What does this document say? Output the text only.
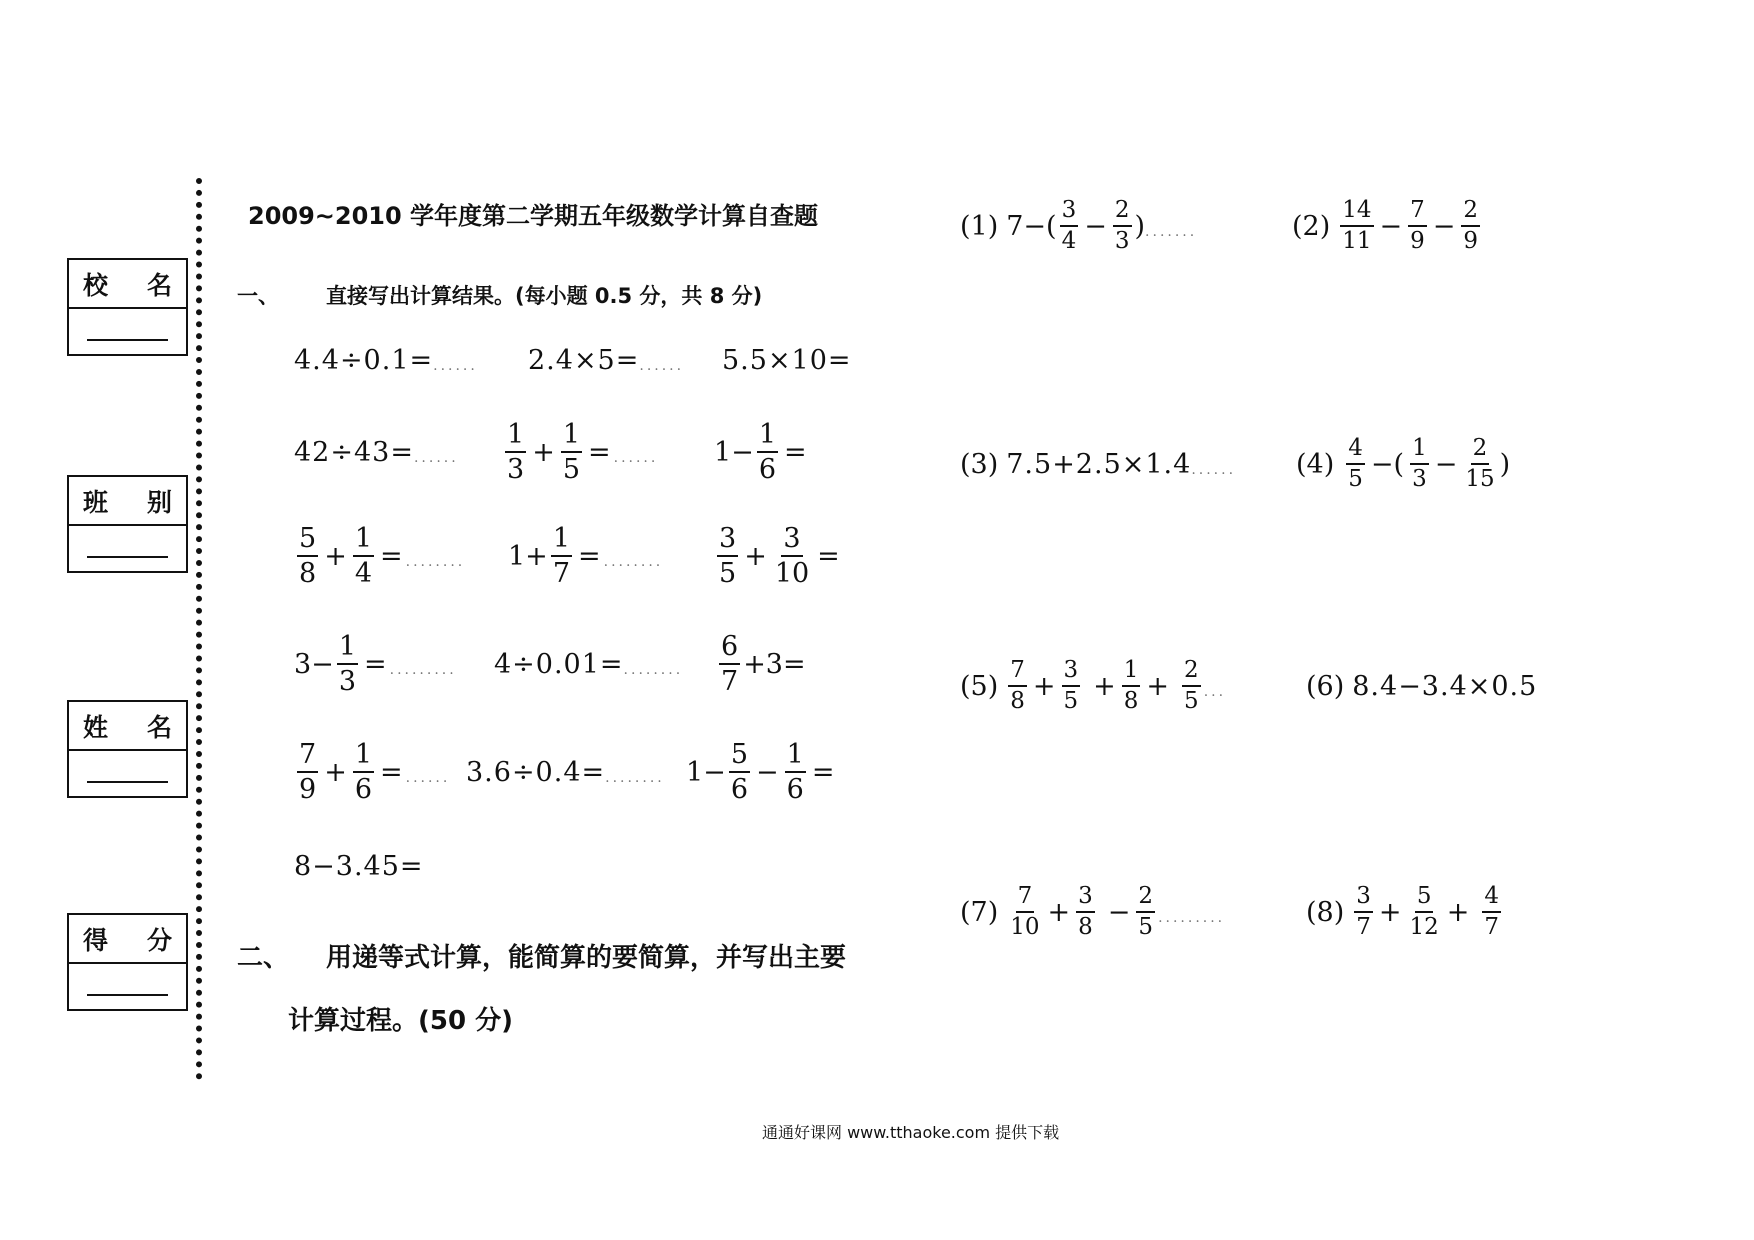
校 名
班 别
姓 名
得 分
2009~2010 学年度第二学期五年级数学计算自查题
一、 直接写出计算结果。(每小题 0.5 分，共 8 分)
4.4÷0.1= ...... 2.4×5= ...... 5.5×10=
42÷43= ...... $\frac{1}{3} + \frac{1}{5}$ = ...... $1- \frac{1}{6}$ =
$\frac{5}{8} + \frac{1}{4}$ = ........ $1+ \frac{1}{7}$ = ........ $\frac{3}{5} + \frac{3}{10}$ =
$3- \frac{1}{3}$ = ......... 4÷0.01= ........ $\frac{6}{7} +3=$
$\frac{7}{9} + \frac{1}{6}$ = ...... 3.6÷0.4= ........ $1- \frac{5}{6} - \frac{1}{6}$ =
8−3.45=
二、 用递等式计算，能简算的要简算，并写出主要
计算过程。(50 分)
(1) $7-( \frac{3}{4} - \frac{2}{3}$ ) .......	$(2) \frac{14}{11} - \frac{7}{9} - \frac{2}{9}$
(3) 7.5+2.5×1.4 ...... $(4) \frac{4}{5}$ −( $\frac{1}{3} - \frac{2}{15}$ )
$(5) \frac{7}{8} + \frac{3}{5} + \frac{1}{8} + \frac{2}{5}$ ...	(6) 8.4−3.4×0.5
$(7) \frac{7}{10} + \frac{3}{8} - \frac{2}{5}$ .........	$(8) \frac{3}{7} + \frac{5}{12} + \frac{4}{7}$
通通好课网 www.tthaoke.com 提供下载
